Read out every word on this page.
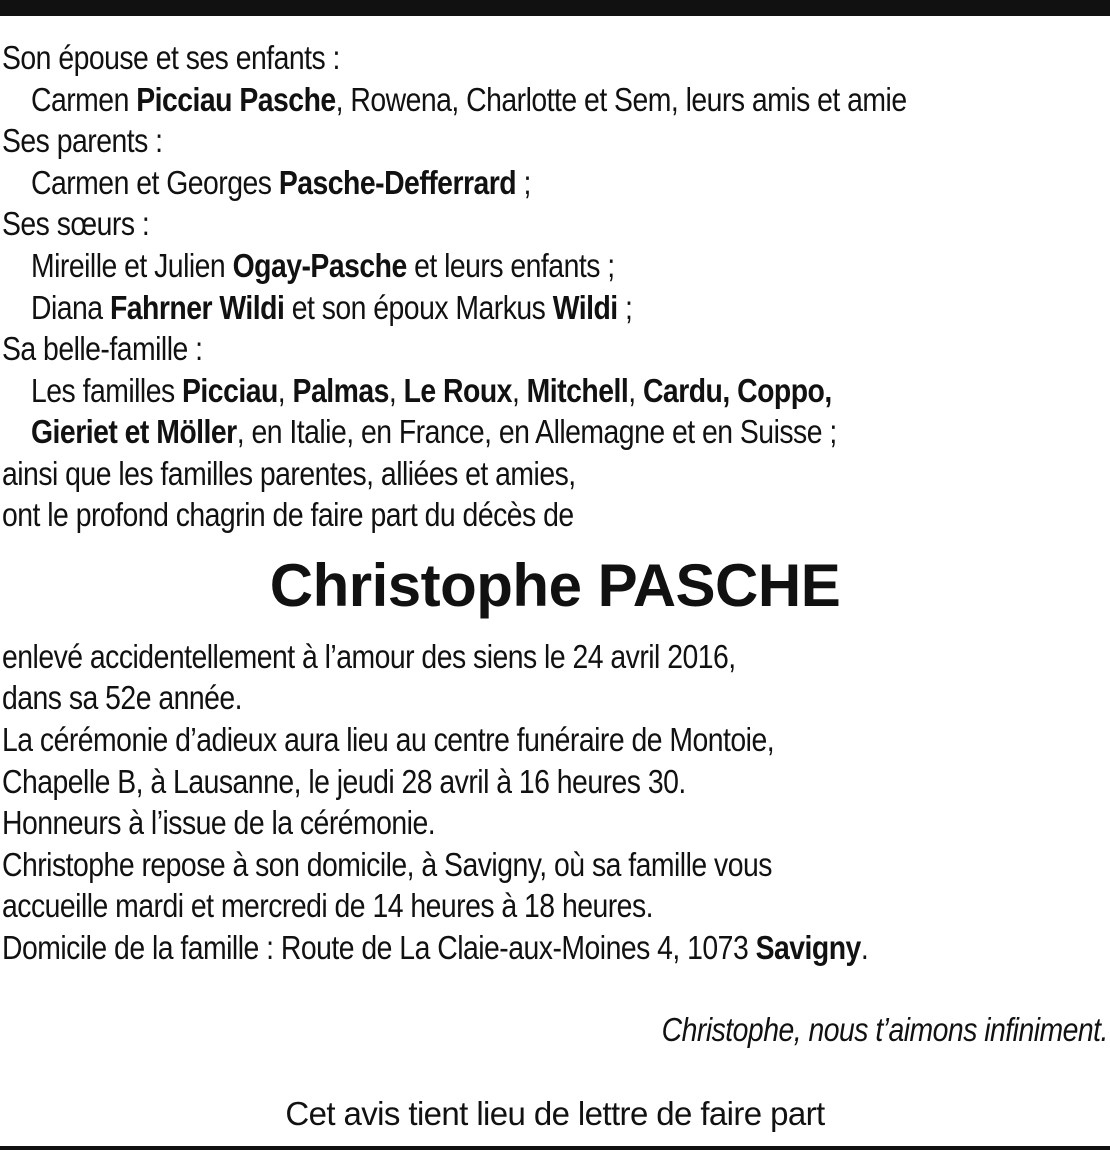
Son épouse et ses enfants :
Carmen Picciau Pasche, Rowena, Charlotte et Sem, leurs amis et amie
Ses parents :
Carmen et Georges Pasche-Defferrard ;
Ses sœurs :
Mireille et Julien Ogay-Pasche et leurs enfants ;
Diana Fahrner Wildi et son époux Markus Wildi ;
Sa belle-famille :
Les familles Picciau, Palmas, Le Roux, Mitchell, Cardu, Coppo,
Gieriet et Möller, en Italie, en France, en Allemagne et en Suisse ;
ainsi que les familles parentes, alliées et amies,
ont le profond chagrin de faire part du décès de
Christophe PASCHE
enlevé accidentellement à l’amour des siens le 24 avril 2016,
dans sa 52e année.
La cérémonie d’adieux aura lieu au centre funéraire de Montoie,
Chapelle B, à Lausanne, le jeudi 28 avril à 16 heures 30.
Honneurs à l’issue de la cérémonie.
Christophe repose à son domicile, à Savigny, où sa famille vous
accueille mardi et mercredi de 14 heures à 18 heures.
Domicile de la famille : Route de La Claie-aux-Moines 4, 1073 Savigny.
Christophe, nous t’aimons infiniment.
Cet avis tient lieu de lettre de faire part
